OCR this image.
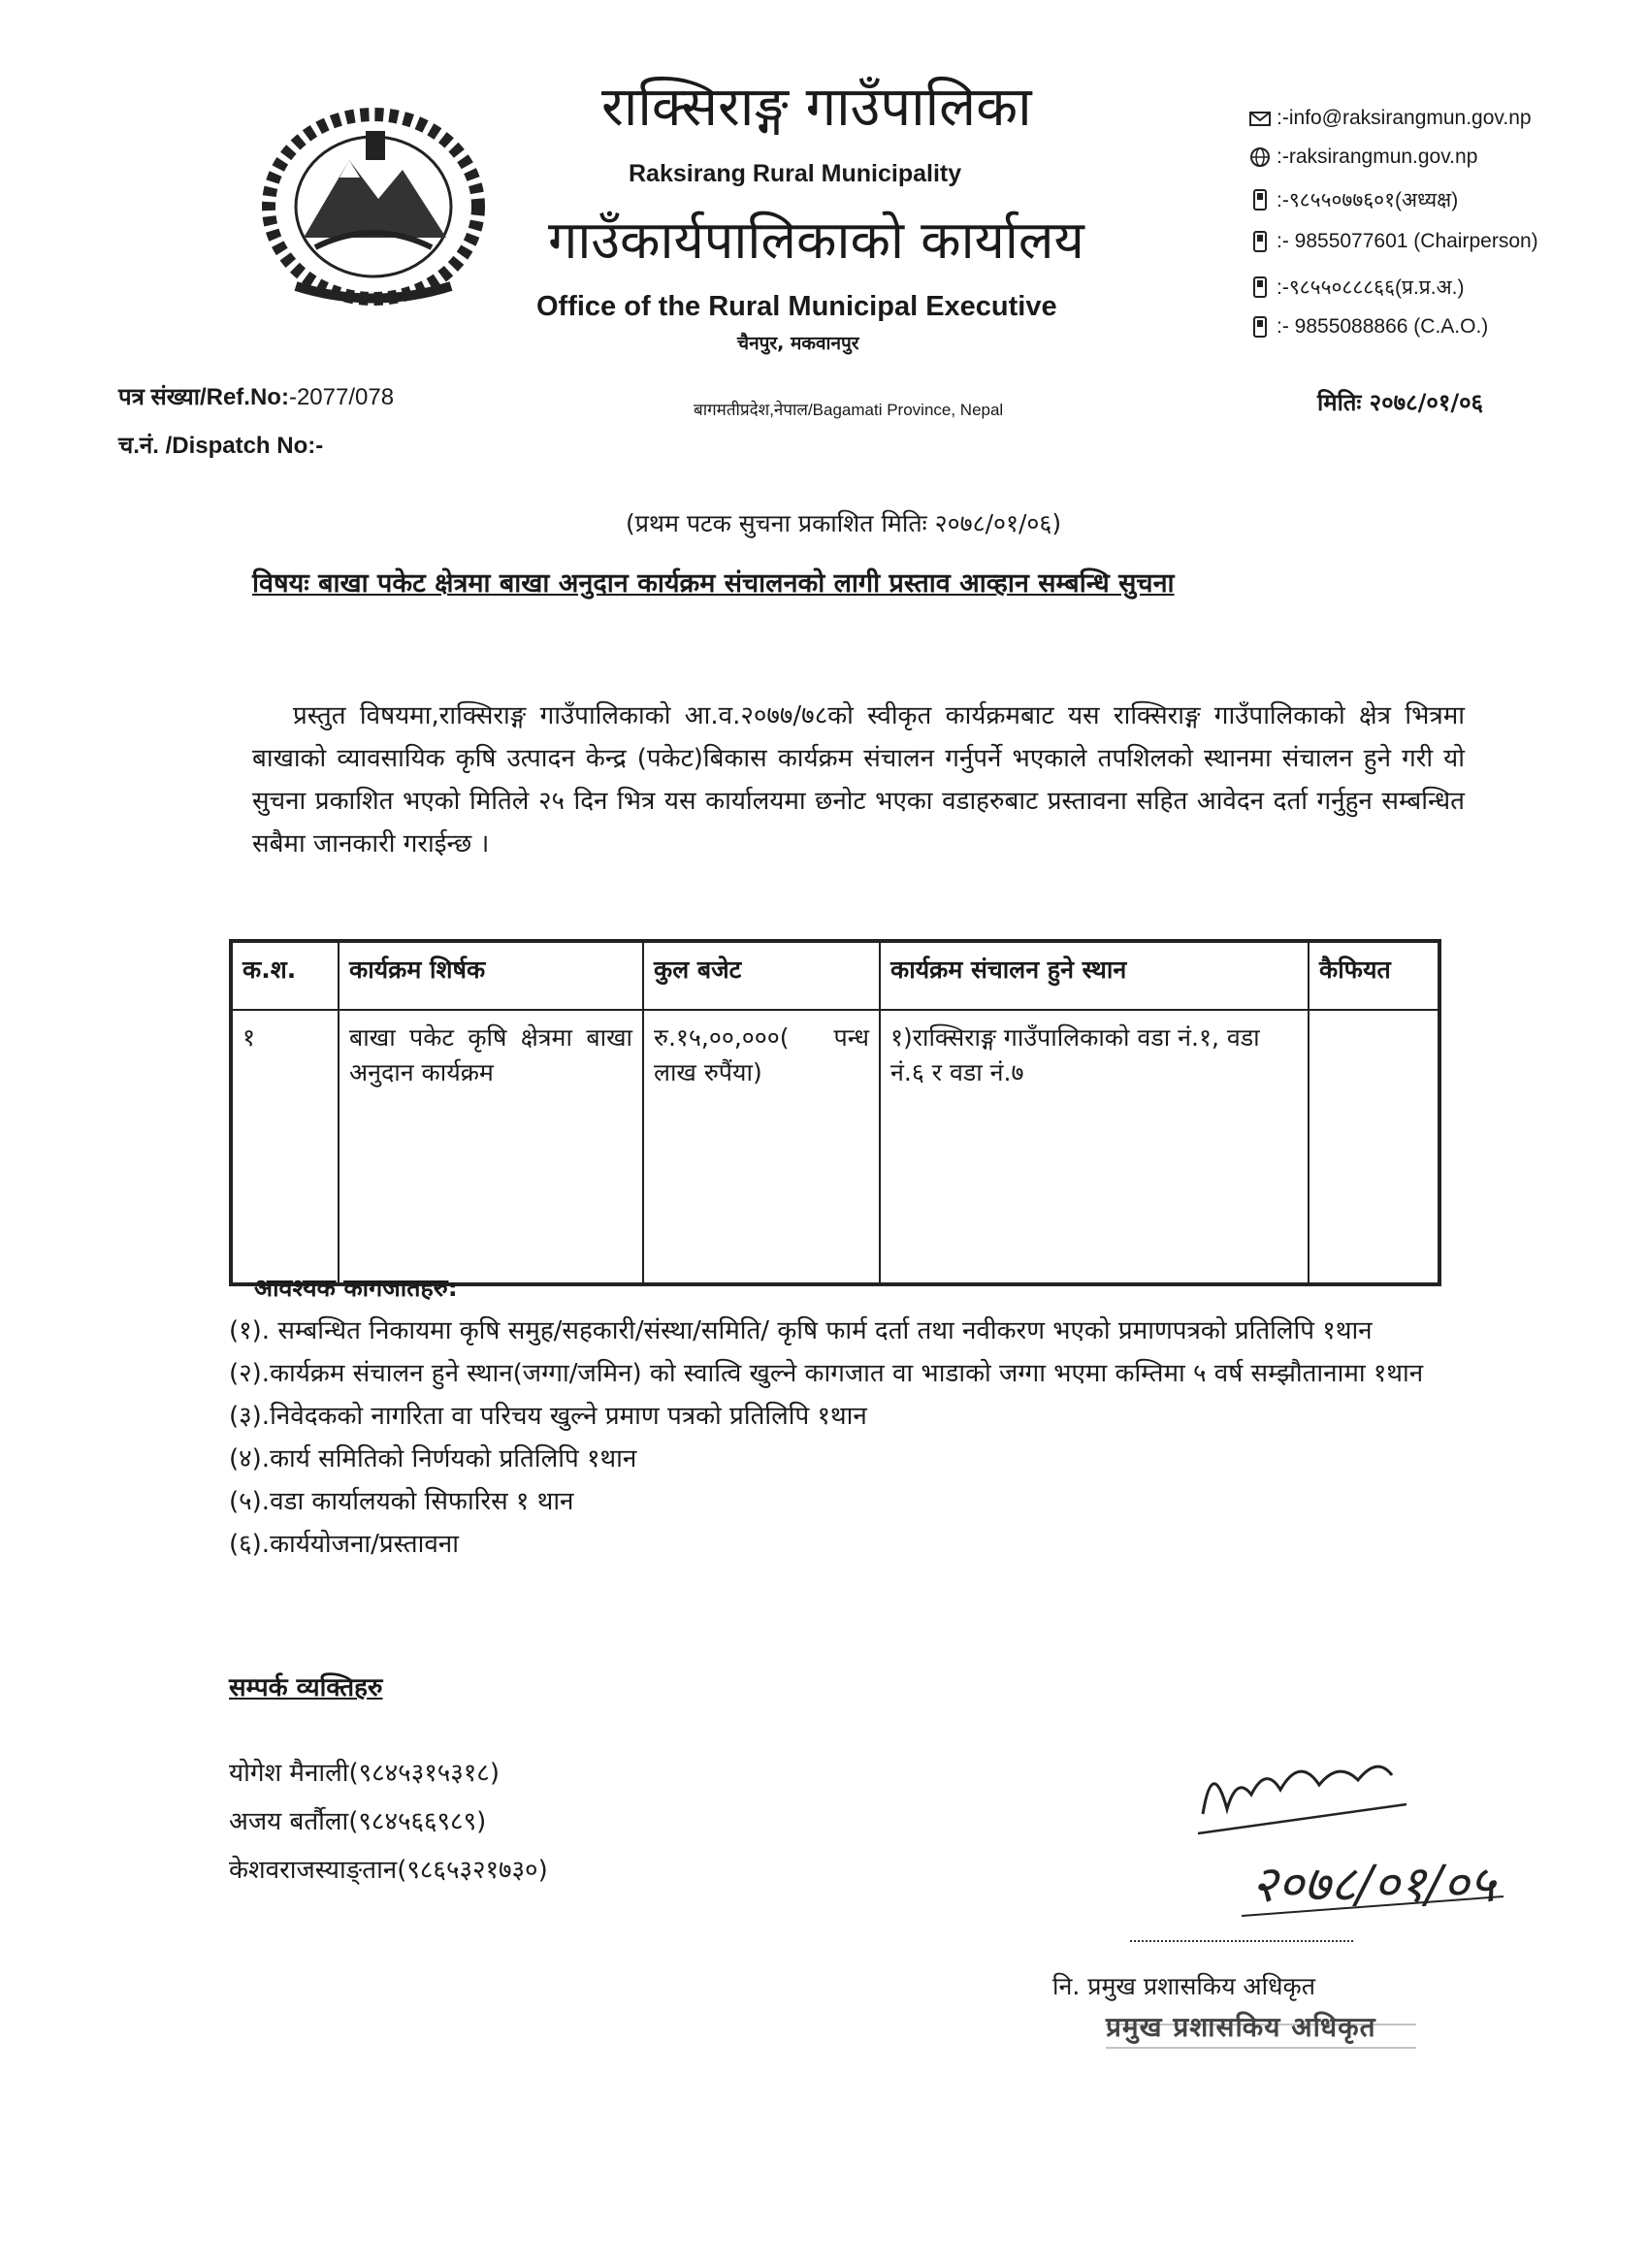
राक्सिराङ्ग गाउँपालिका
Raksirang Rural Municipality
गाउँकार्यपालिकाको कार्यालय
Office of the Rural Municipal Executive
चैनपुर, मकवानपुर
बागमतीप्रदेश,नेपाल/Bagamati Province, Nepal
:-info@raksirangmun.gov.np
:-raksirangmun.gov.np
:-९८५५०७७६०१(अध्यक्ष)
:- 9855077601 (Chairperson)
:-९८५५०८८८६६(प्र.प्र.अ.)
:- 9855088866 (C.A.O.)
पत्र संख्या/Ref.No:-2077/078
च.नं. /Dispatch No:-
मितिः २०७८/०१/०६
(प्रथम पटक सुचना प्रकाशित मितिः २०७८/०१/०६)
विषयः बाखा पकेट क्षेत्रमा बाखा अनुदान कार्यक्रम संचालनको लागी प्रस्ताव आव्हान सम्बन्धि सुचना
प्रस्तुत विषयमा,राक्सिराङ्ग गाउँपालिकाको आ.व.२०७७/७८को स्वीकृत कार्यक्रमबाट यस राक्सिराङ्ग गाउँपालिकाको क्षेत्र भित्रमा बाखाको व्यावसायिक कृषि उत्पादन केन्द्र (पकेट)बिकास कार्यक्रम संचालन गर्नुपर्ने भएकाले तपशिलको स्थानमा संचालन हुने गरी यो सुचना प्रकाशित भएको मितिले २५ दिन भित्र यस कार्यालयमा छनोट भएका वडाहरुबाट प्रस्तावना सहित आवेदन दर्ता गर्नुहुन सम्बन्धित सबैमा जानकारी गराईन्छ ।
क.श.	कार्यक्रम शिर्षक	कुल बजेट	कार्यक्रम संचालन हुने स्थान	कैफियत
१	बाखा पकेट कृषि क्षेत्रमा बाखा अनुदान कार्यक्रम	रु.१५,००,०००( पन्ध लाख रुपैंया)	१)राक्सिराङ्ग गाउँपालिकाको वडा नं.१, वडा नं.६ र वडा नं.७	
आवश्यक कागजातहरु:
(१). सम्बन्धित निकायमा कृषि समुह/सहकारी/संस्था/समिति/ कृषि फार्म दर्ता तथा नवीकरण भएको प्रमाणपत्रको प्रतिलिपि १थान
(२).कार्यक्रम संचालन हुने स्थान(जग्गा/जमिन) को स्वात्वि खुल्ने कागजात वा भाडाको जग्गा भएमा कम्तिमा ५ वर्ष सम्झौतानामा १थान
(३).निवेदकको नागरिता वा परिचय खुल्ने प्रमाण पत्रको प्रतिलिपि १थान
(४).कार्य समितिको निर्णयको प्रतिलिपि १थान
(५).वडा कार्यालयको सिफारिस १ थान
(६).कार्ययोजना/प्रस्तावना
सम्पर्क व्यक्तिहरु
योगेश मैनाली(९८४५३१५३१८)
अजय बर्तौला(९८४५६६९८९)
केशवराजस्याङ्तान(९८६५३२१७३०)	२०७८/०१/०५
नि. प्रमुख प्रशासकिय अधिकृत
प्रमुख प्रशासकिय अधिकृत
